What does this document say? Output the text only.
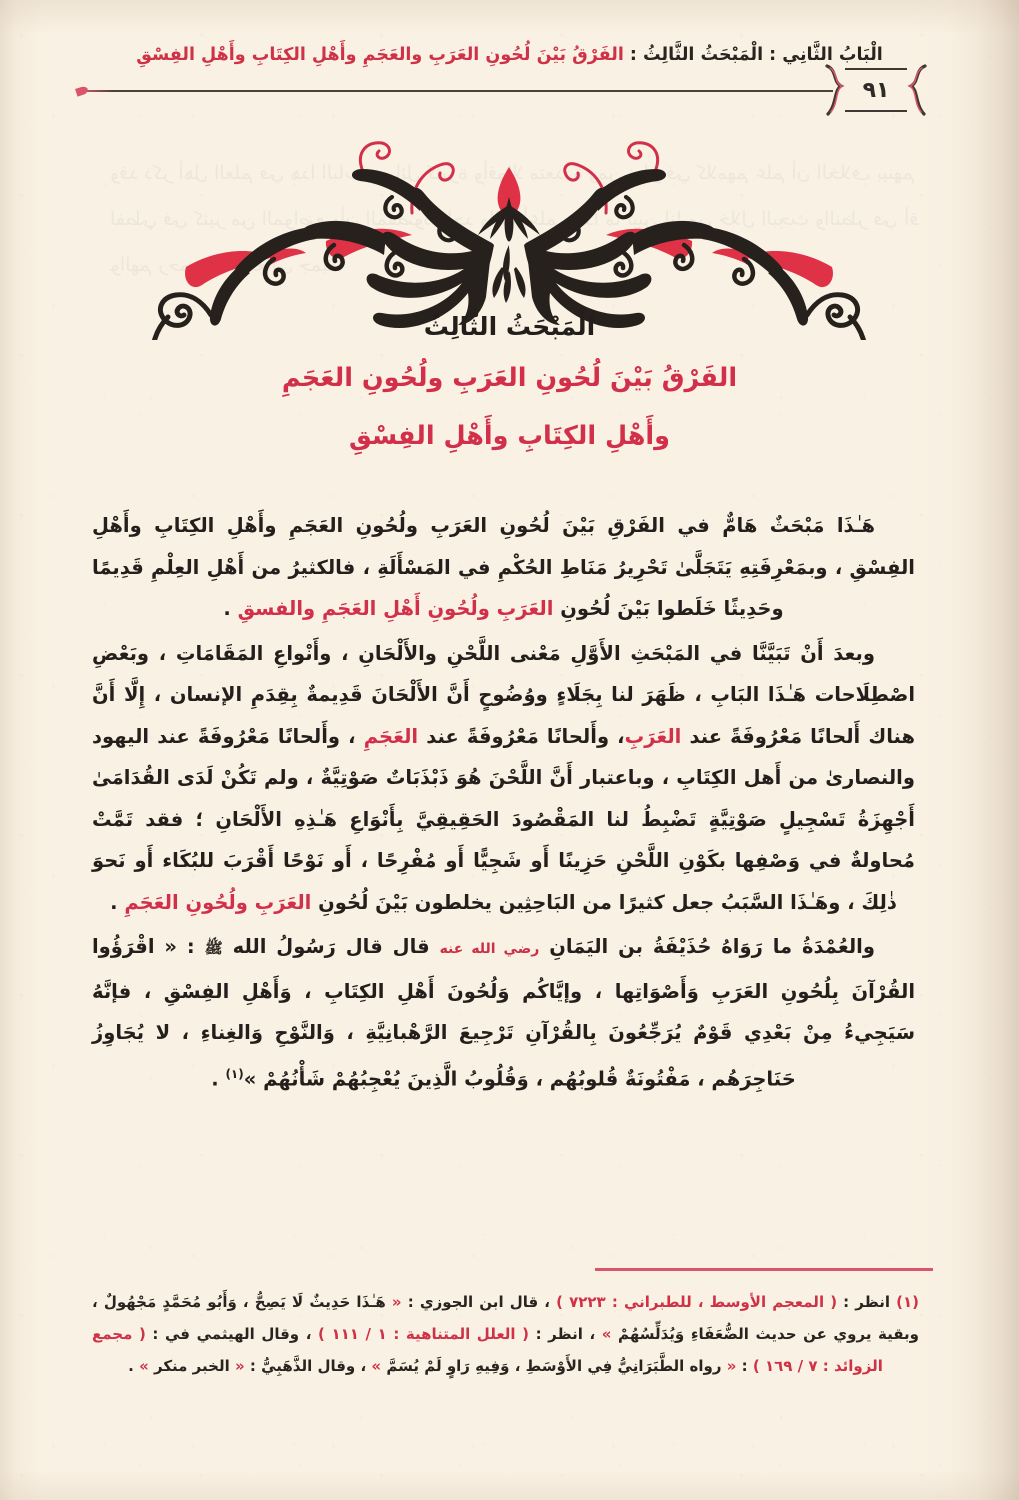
وقد ذكر أهل العلم في هذا الباب مسائل كثيرة وأقوالا متعددة ومن في كلامهم علم أن الخلاف بينهم لفظي في كثير من المواضع وأن المقصود واحد أعلم ما تبين لنا من خلال البحث والنظر في أقوالهم رحمهم تعالى جميعا
الْبَابُ الثَّانِي : الْمَبْحَثُ الثَّالِثُ : الفَرْقُ بَيْنَ لُحُونِ العَرَبِ والعَجَمِ وأَهْلِ الكِتَابِ وأَهْلِ الفِسْقِ
٩١
الْمَبْحَثُ الثَّالِثُ
الفَرْقُ بَيْنَ لُحُونِ العَرَبِ ولُحُونِ العَجَمِ
وأَهْلِ الكِتَابِ وأَهْلِ الفِسْقِ

هَـٰذَا مَبْحَثٌ هَامٌّ في الفَرْقِ بَيْنَ لُحُونِ العَرَبِ ولُحُونِ العَجَمِ وأَهْلِ الكِتَابِ وأَهْلِ الفِسْقِ ، وبمَعْرِفَتِهِ يَتَجَلَّىٰ تَحْرِيرُ مَنَاطِ الحُكْمِ في المَسْأَلَةِ ، فالكثيرُ من أَهْلِ العِلْمِ قَدِيمًا وحَدِيثًا خَلَطوا بَيْنَ لُحُونِ العَرَبِ ولُحُونِ أَهْلِ العَجَمِ والفسقِ .

وبعدَ أَنْ تَبَيَّنَّا في المَبْحَثِ الأَوَّلِ مَعْنى اللَّحْنِ والأَلْحَانِ ، وأَنْواعِ المَقَامَاتِ ، وبَعْضِ اصْطِلَاحات هَـٰذَا البَابِ ، ظَهَرَ لنا بِجَلَاءٍ ووُضُوحٍ أَنَّ الأَلْحَانَ قَدِيمةٌ بِقِدَمِ الإنسان ، إِلَّا أَنَّ هناك أَلحانًا مَعْرُوفَةً عند العَرَبِ، وأَلحانًا مَعْرُوفَةً عند العَجَمِ ، وأَلحانًا مَعْرُوفَةً عند اليهود والنصارىٰ من أَهل الكِتَابِ ، وباعتبار أَنَّ اللَّحْنَ هُوَ ذَبْذَبَاتٌ صَوْتِيَّةٌ ، ولم تَكُنْ لَدَى القُدَامَىٰ أَجْهِزَةُ تَسْجِيلٍ صَوْتِيَّةٍ تَضْبِطُ لنا المَقْصُودَ الحَقِيقِيَّ بِأَنْوَاعِ هَـٰذِهِ الأَلْحَانِ ؛ فقد تَمَّتْ مُحاولةٌ في وَصْفِها بكَوْنِ اللَّحْنِ حَزِينًا أَو شَجِيًّا أَو مُفْرِحًا ، أَو نَوْحًا أَقْرَبَ للبُكَاء أَو نَحوَ ذٰلِكَ ، وهَـٰذَا السَّبَبُ جعل كثيرًا من البَاحِثِين يخلطون بَيْنَ لُحُونِ العَرَبِ ولُحُونِ العَجَمِ .

والعُمْدَةُ ما رَوَاهُ حُذَيْفَةُ بن اليَمَانِ رضي الله عنه قال قال رَسُولُ الله ﷺ : « اقْرَؤُوا القُرْآنَ بِلُحُونِ العَرَبِ وَأَصْوَاتِها ، وإيَّاكُم وَلُحُونَ أَهْلِ الكِتَابِ ، وَأَهْلِ الفِسْقِ ، فإنَّهُ سَيَجِيءُ مِنْ بَعْدِي قَوْمٌ يُرَجِّعُونَ بِالقُرْآنِ تَرْجِيعَ الرَّهْبانِيَّةِ ، وَالنَّوْحِ وَالغِناءِ ، لا يُجَاوِزُ حَنَاجِرَهُم ، مَفْتُونَةٌ قُلوبُهُم ، وَقُلُوبُ الَّذِينَ يُعْجِبُهُمْ شَأْنُهُمْ »$^{(١)}$ .

(١) انظر : ( المعجم الأوسط ، للطبراني : ٧٢٢٣ ) ، قال ابن الجوزي : « هَـٰذَا حَدِيثٌ لَا يَصِحُّ ، وَأَبُو مُحَمَّدٍ مَجْهُولٌ ، وبقية يروي عن حديث الضُّعَفَاءِ وَيُدَلِّسُهُمْ » ، انظر : ( العلل المتناهية : ١ / ١١١ ) ، وقال الهيثمي في : ( مجمع الزوائد : ٧ / ١٦٩ ) : « رواه الطَّبَرَانِيُّ فِي الأَوْسَطِ ، وَفِيهِ رَاوٍ لَمْ يُسَمَّ » ، وقال الذَّهَبِيُّ : « الخبر منكر » .
